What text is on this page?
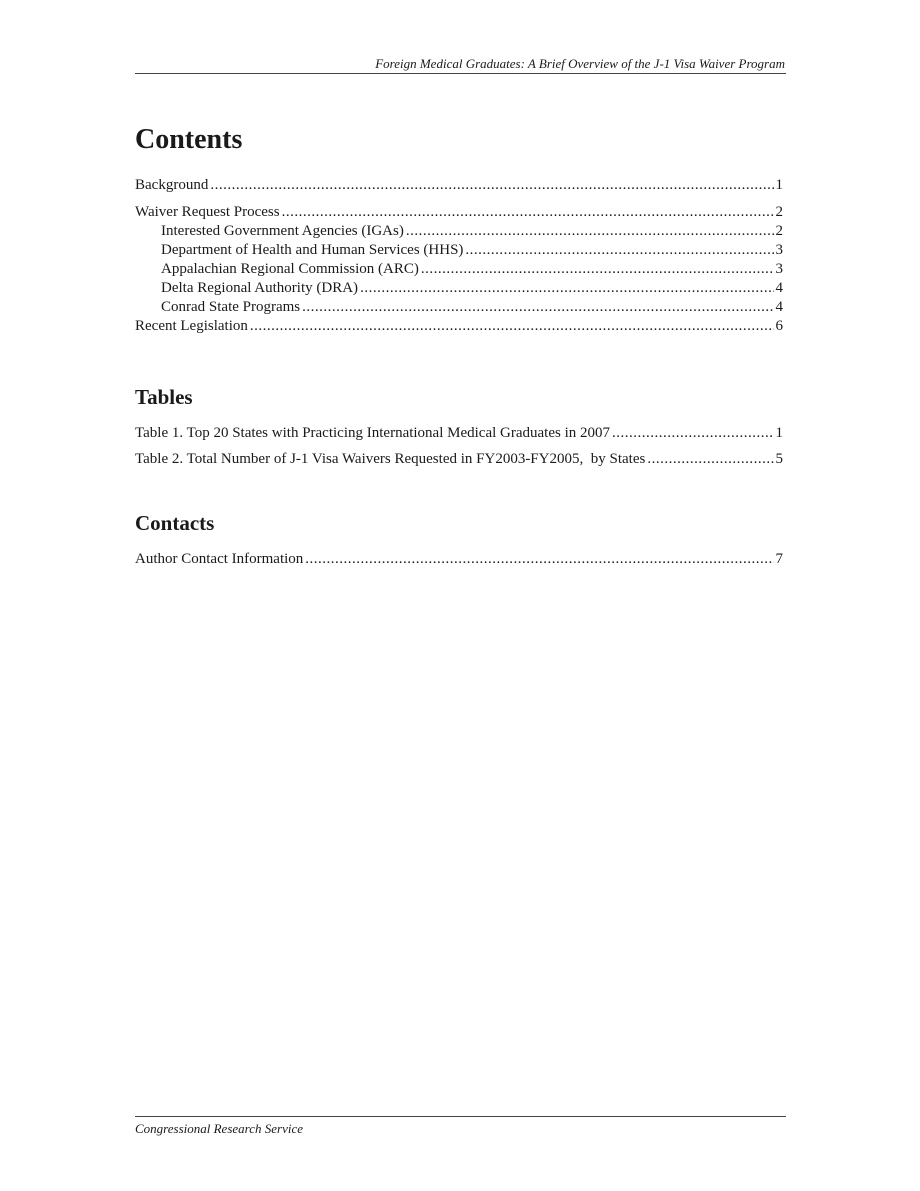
Foreign Medical Graduates: A Brief Overview of the J-1 Visa Waiver Program
Contents
Background .....	1
Waiver Request Process .....	2
Interested Government Agencies (IGAs) .....	2
Department of Health and Human Services (HHS) .....	3
Appalachian Regional Commission (ARC) .....	3
Delta Regional Authority (DRA) .....	4
Conrad State Programs .....	4
Recent Legislation .....	6
Tables
Table 1. Top 20 States with Practicing International Medical Graduates in 2007 .....	1
Table 2. Total Number of J-1 Visa Waivers Requested in FY2003-FY2005,  by States .....	5
Contacts
Author Contact Information .....	7
Congressional Research Service
